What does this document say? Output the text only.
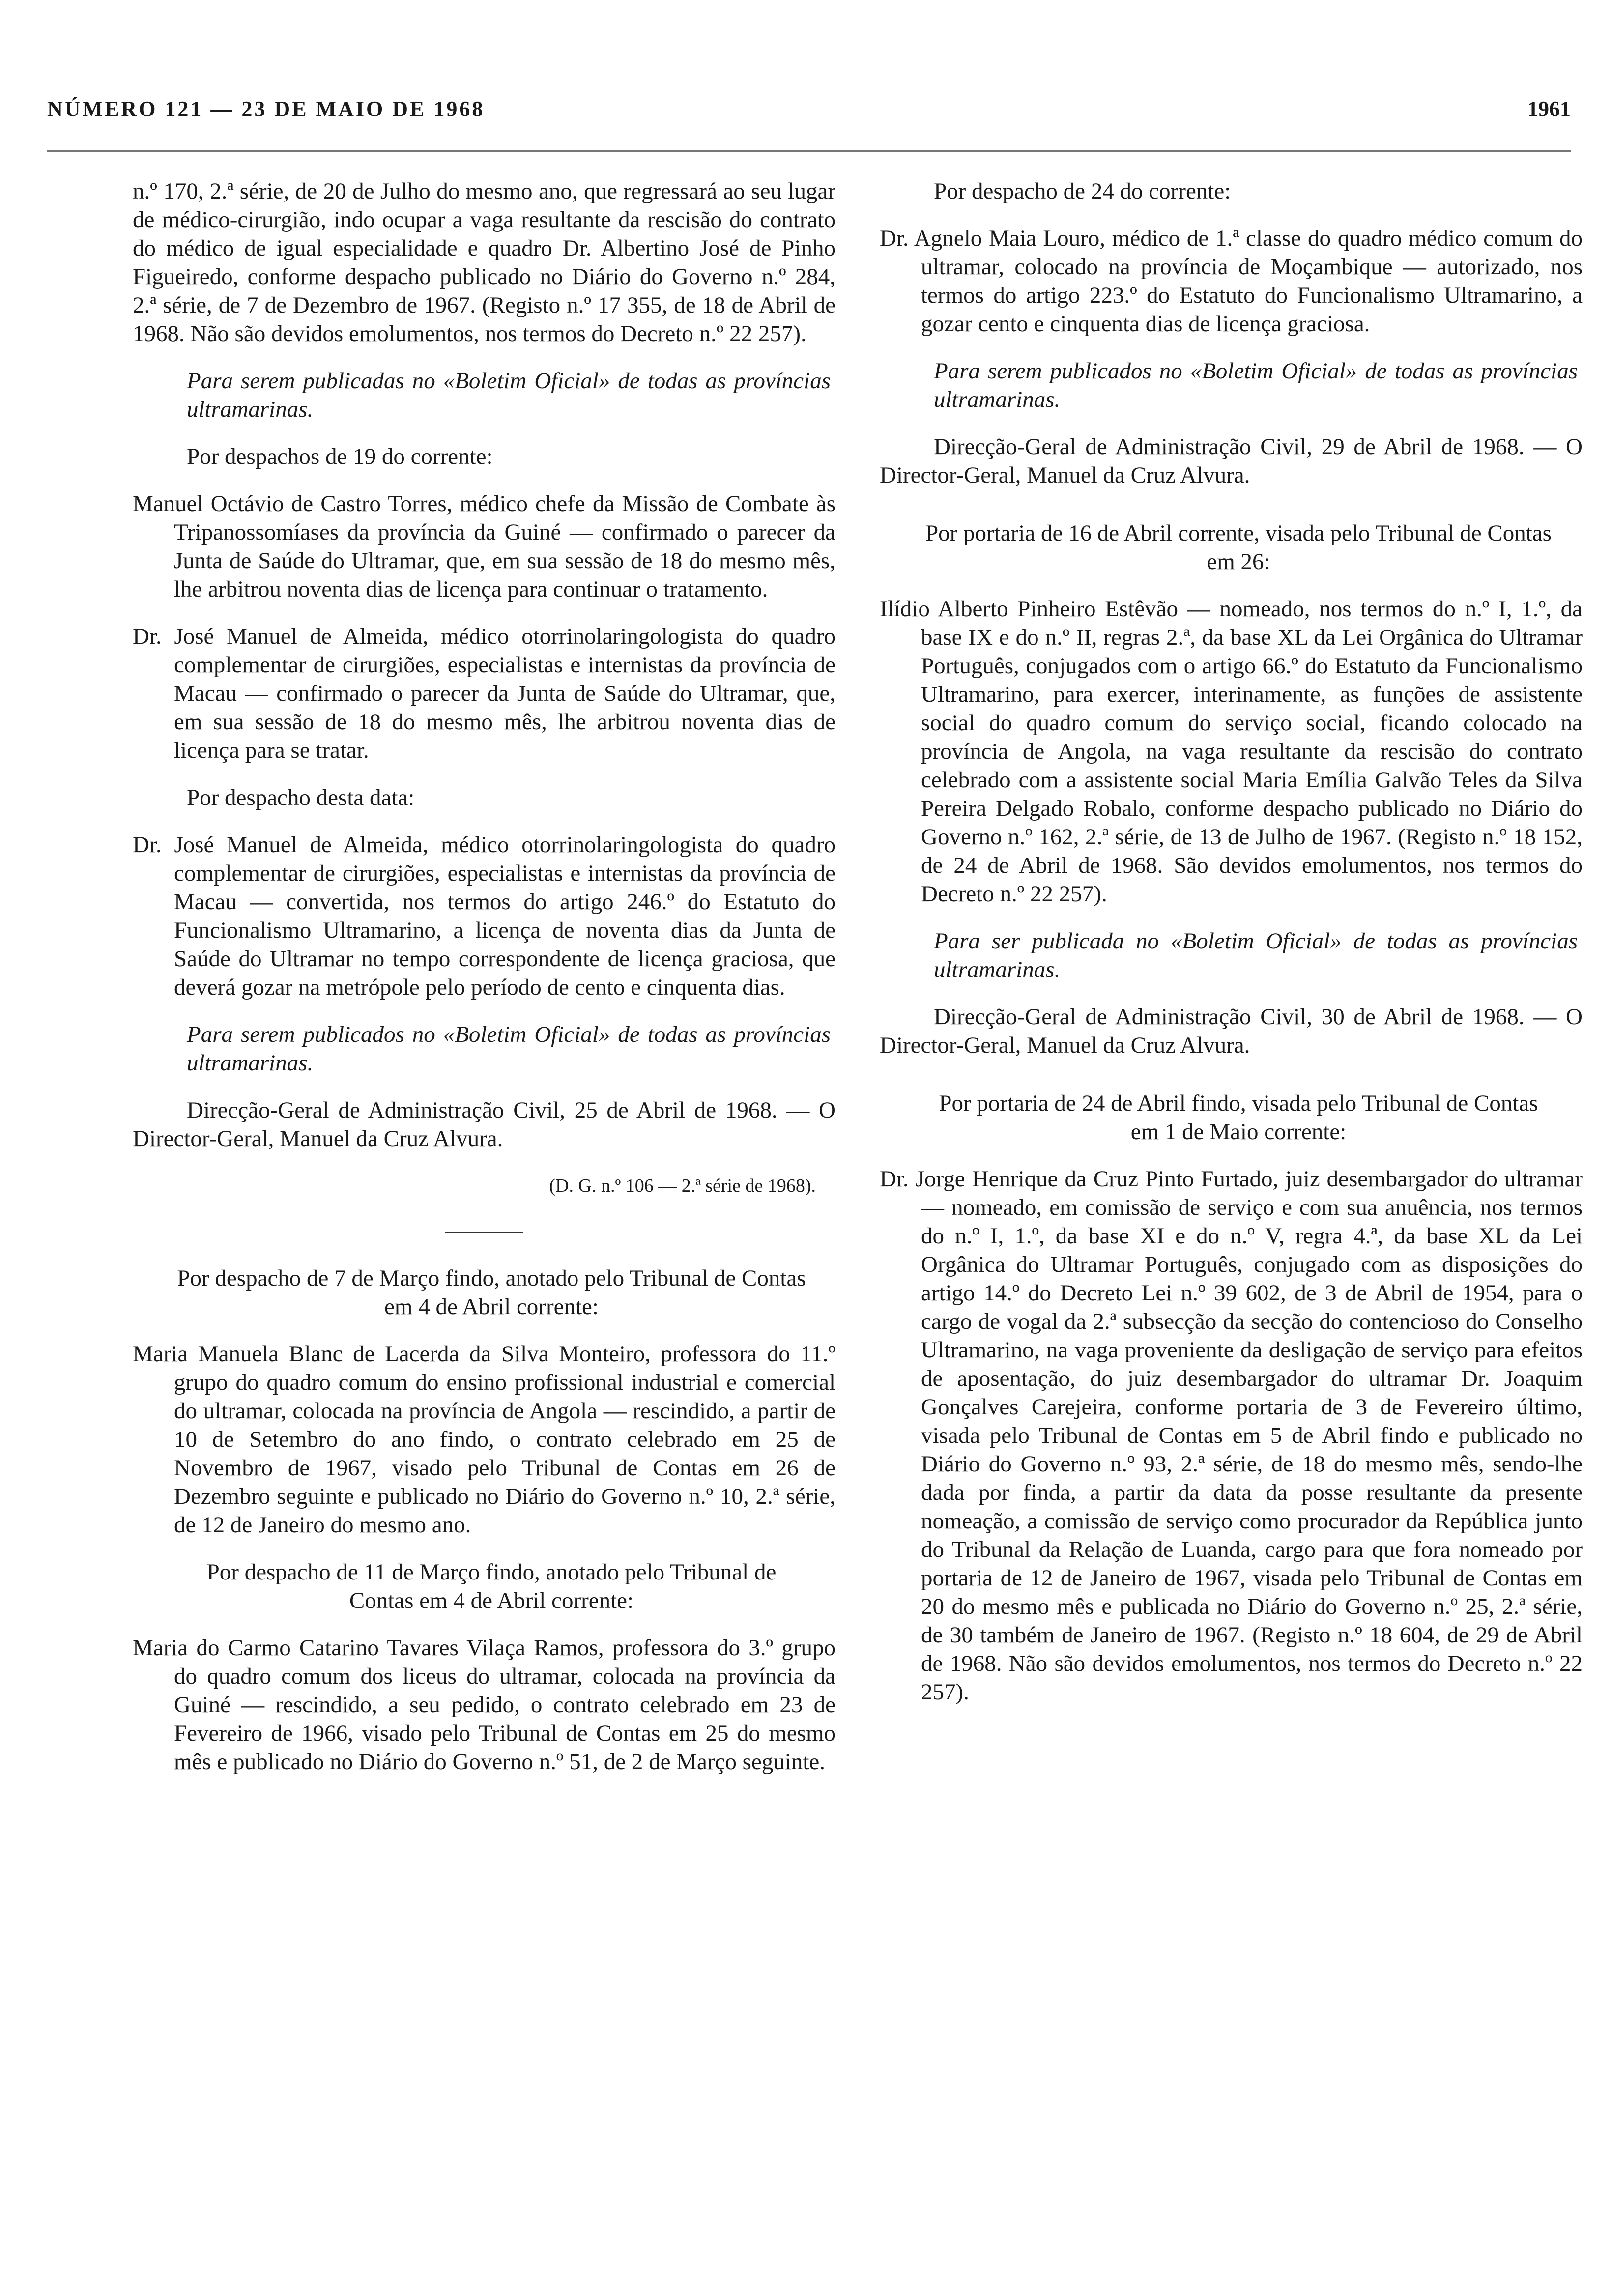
NÚMERO 121 — 23 DE MAIO DE 1968	1961

n.º 170, 2.ª série, de 20 de Julho do mesmo ano, que regressará ao seu lugar de médico-cirurgião, indo ocupar a vaga resultante da rescisão do contrato do médico de igual especialidade e quadro Dr. Albertino José de Pinho Figueiredo, conforme despacho publicado no Diário do Governo n.º 284, 2.ª série, de 7 de Dezembro de 1967. (Registo n.º 17 355, de 18 de Abril de 1968. Não são devidos emolumentos, nos termos do Decreto n.º 22 257).

Para serem publicadas no «Boletim Oficial» de todas as províncias ultramarinas.

Por despachos de 19 do corrente:

Manuel Octávio de Castro Torres, médico chefe da Missão de Combate às Tripanossomíases da província da Guiné — confirmado o parecer da Junta de Saúde do Ultramar, que, em sua sessão de 18 do mesmo mês, lhe arbitrou noventa dias de licença para continuar o tratamento.

Dr. José Manuel de Almeida, médico otorrinolaringologista do quadro complementar de cirurgiões, especialistas e internistas da província de Macau — confirmado o parecer da Junta de Saúde do Ultramar, que, em sua sessão de 18 do mesmo mês, lhe arbitrou noventa dias de licença para se tratar.

Por despacho desta data:

Dr. José Manuel de Almeida, médico otorrinolaringologista do quadro complementar de cirurgiões, especialistas e internistas da província de Macau — convertida, nos termos do artigo 246.º do Estatuto do Funcionalismo Ultramarino, a licença de noventa dias da Junta de Saúde do Ultramar no tempo correspondente de licença graciosa, que deverá gozar na metrópole pelo período de cento e cinquenta dias.

Para serem publicados no «Boletim Oficial» de todas as províncias ultramarinas.

Direcção-Geral de Administração Civil, 25 de Abril de 1968. — O Director-Geral, Manuel da Cruz Alvura.

(D. G. n.º 106 — 2.ª série de 1968).

Por despacho de 7 de Março findo, anotado pelo Tribunal de Contas em 4 de Abril corrente:

Maria Manuela Blanc de Lacerda da Silva Monteiro, professora do 11.º grupo do quadro comum do ensino profissional industrial e comercial do ultramar, colocada na província de Angola — rescindido, a partir de 10 de Setembro do ano findo, o contrato celebrado em 25 de Novembro de 1967, visado pelo Tribunal de Contas em 26 de Dezembro seguinte e publicado no Diário do Governo n.º 10, 2.ª série, de 12 de Janeiro do mesmo ano.

Por despacho de 11 de Março findo, anotado pelo Tribunal de Contas em 4 de Abril corrente:

Maria do Carmo Catarino Tavares Vilaça Ramos, professora do 3.º grupo do quadro comum dos liceus do ultramar, colocada na província da Guiné — rescindido, a seu pedido, o contrato celebrado em 23 de Fevereiro de 1966, visado pelo Tribunal de Contas em 25 do mesmo mês e publicado no Diário do Governo n.º 51, de 2 de Março seguinte.

Por despacho de 24 do corrente:

Dr. Agnelo Maia Louro, médico de 1.ª classe do quadro médico comum do ultramar, colocado na província de Moçambique — autorizado, nos termos do artigo 223.º do Estatuto do Funcionalismo Ultramarino, a gozar cento e cinquenta dias de licença graciosa.

Para serem publicados no «Boletim Oficial» de todas as províncias ultramarinas.

Direcção-Geral de Administração Civil, 29 de Abril de 1968. — O Director-Geral, Manuel da Cruz Alvura.

Por portaria de 16 de Abril corrente, visada pelo Tribunal de Contas em 26:

Ilídio Alberto Pinheiro Estêvão — nomeado, nos termos do n.º I, 1.º, da base IX e do n.º II, regras 2.ª, da base XL da Lei Orgânica do Ultramar Português, conjugados com o artigo 66.º do Estatuto da Funcionalismo Ultramarino, para exercer, interinamente, as funções de assistente social do quadro comum do serviço social, ficando colocado na província de Angola, na vaga resultante da rescisão do contrato celebrado com a assistente social Maria Emília Galvão Teles da Silva Pereira Delgado Robalo, conforme despacho publicado no Diário do Governo n.º 162, 2.ª série, de 13 de Julho de 1967. (Registo n.º 18 152, de 24 de Abril de 1968. São devidos emolumentos, nos termos do Decreto n.º 22 257).

Para ser publicada no «Boletim Oficial» de todas as províncias ultramarinas.

Direcção-Geral de Administração Civil, 30 de Abril de 1968. — O Director-Geral, Manuel da Cruz Alvura.

Por portaria de 24 de Abril findo, visada pelo Tribunal de Contas em 1 de Maio corrente:

Dr. Jorge Henrique da Cruz Pinto Furtado, juiz desembargador do ultramar — nomeado, em comissão de serviço e com sua anuência, nos termos do n.º I, 1.º, da base XI e do n.º V, regra 4.ª, da base XL da Lei Orgânica do Ultramar Português, conjugado com as disposições do artigo 14.º do Decreto Lei n.º 39 602, de 3 de Abril de 1954, para o cargo de vogal da 2.ª subsecção da secção do contencioso do Conselho Ultramarino, na vaga proveniente da desligação de serviço para efeitos de aposentação, do juiz desembargador do ultramar Dr. Joaquim Gonçalves Carejeira, conforme portaria de 3 de Fevereiro último, visada pelo Tribunal de Contas em 5 de Abril findo e publicado no Diário do Governo n.º 93, 2.ª série, de 18 do mesmo mês, sendo-lhe dada por finda, a partir da data da posse resultante da presente nomeação, a comissão de serviço como procurador da República junto do Tribunal da Relação de Luanda, cargo para que fora nomeado por portaria de 12 de Janeiro de 1967, visada pelo Tribunal de Contas em 20 do mesmo mês e publicada no Diário do Governo n.º 25, 2.ª série, de 30 também de Janeiro de 1967. (Registo n.º 18 604, de 29 de Abril de 1968. Não são devidos emolumentos, nos termos do Decreto n.º 22 257).
